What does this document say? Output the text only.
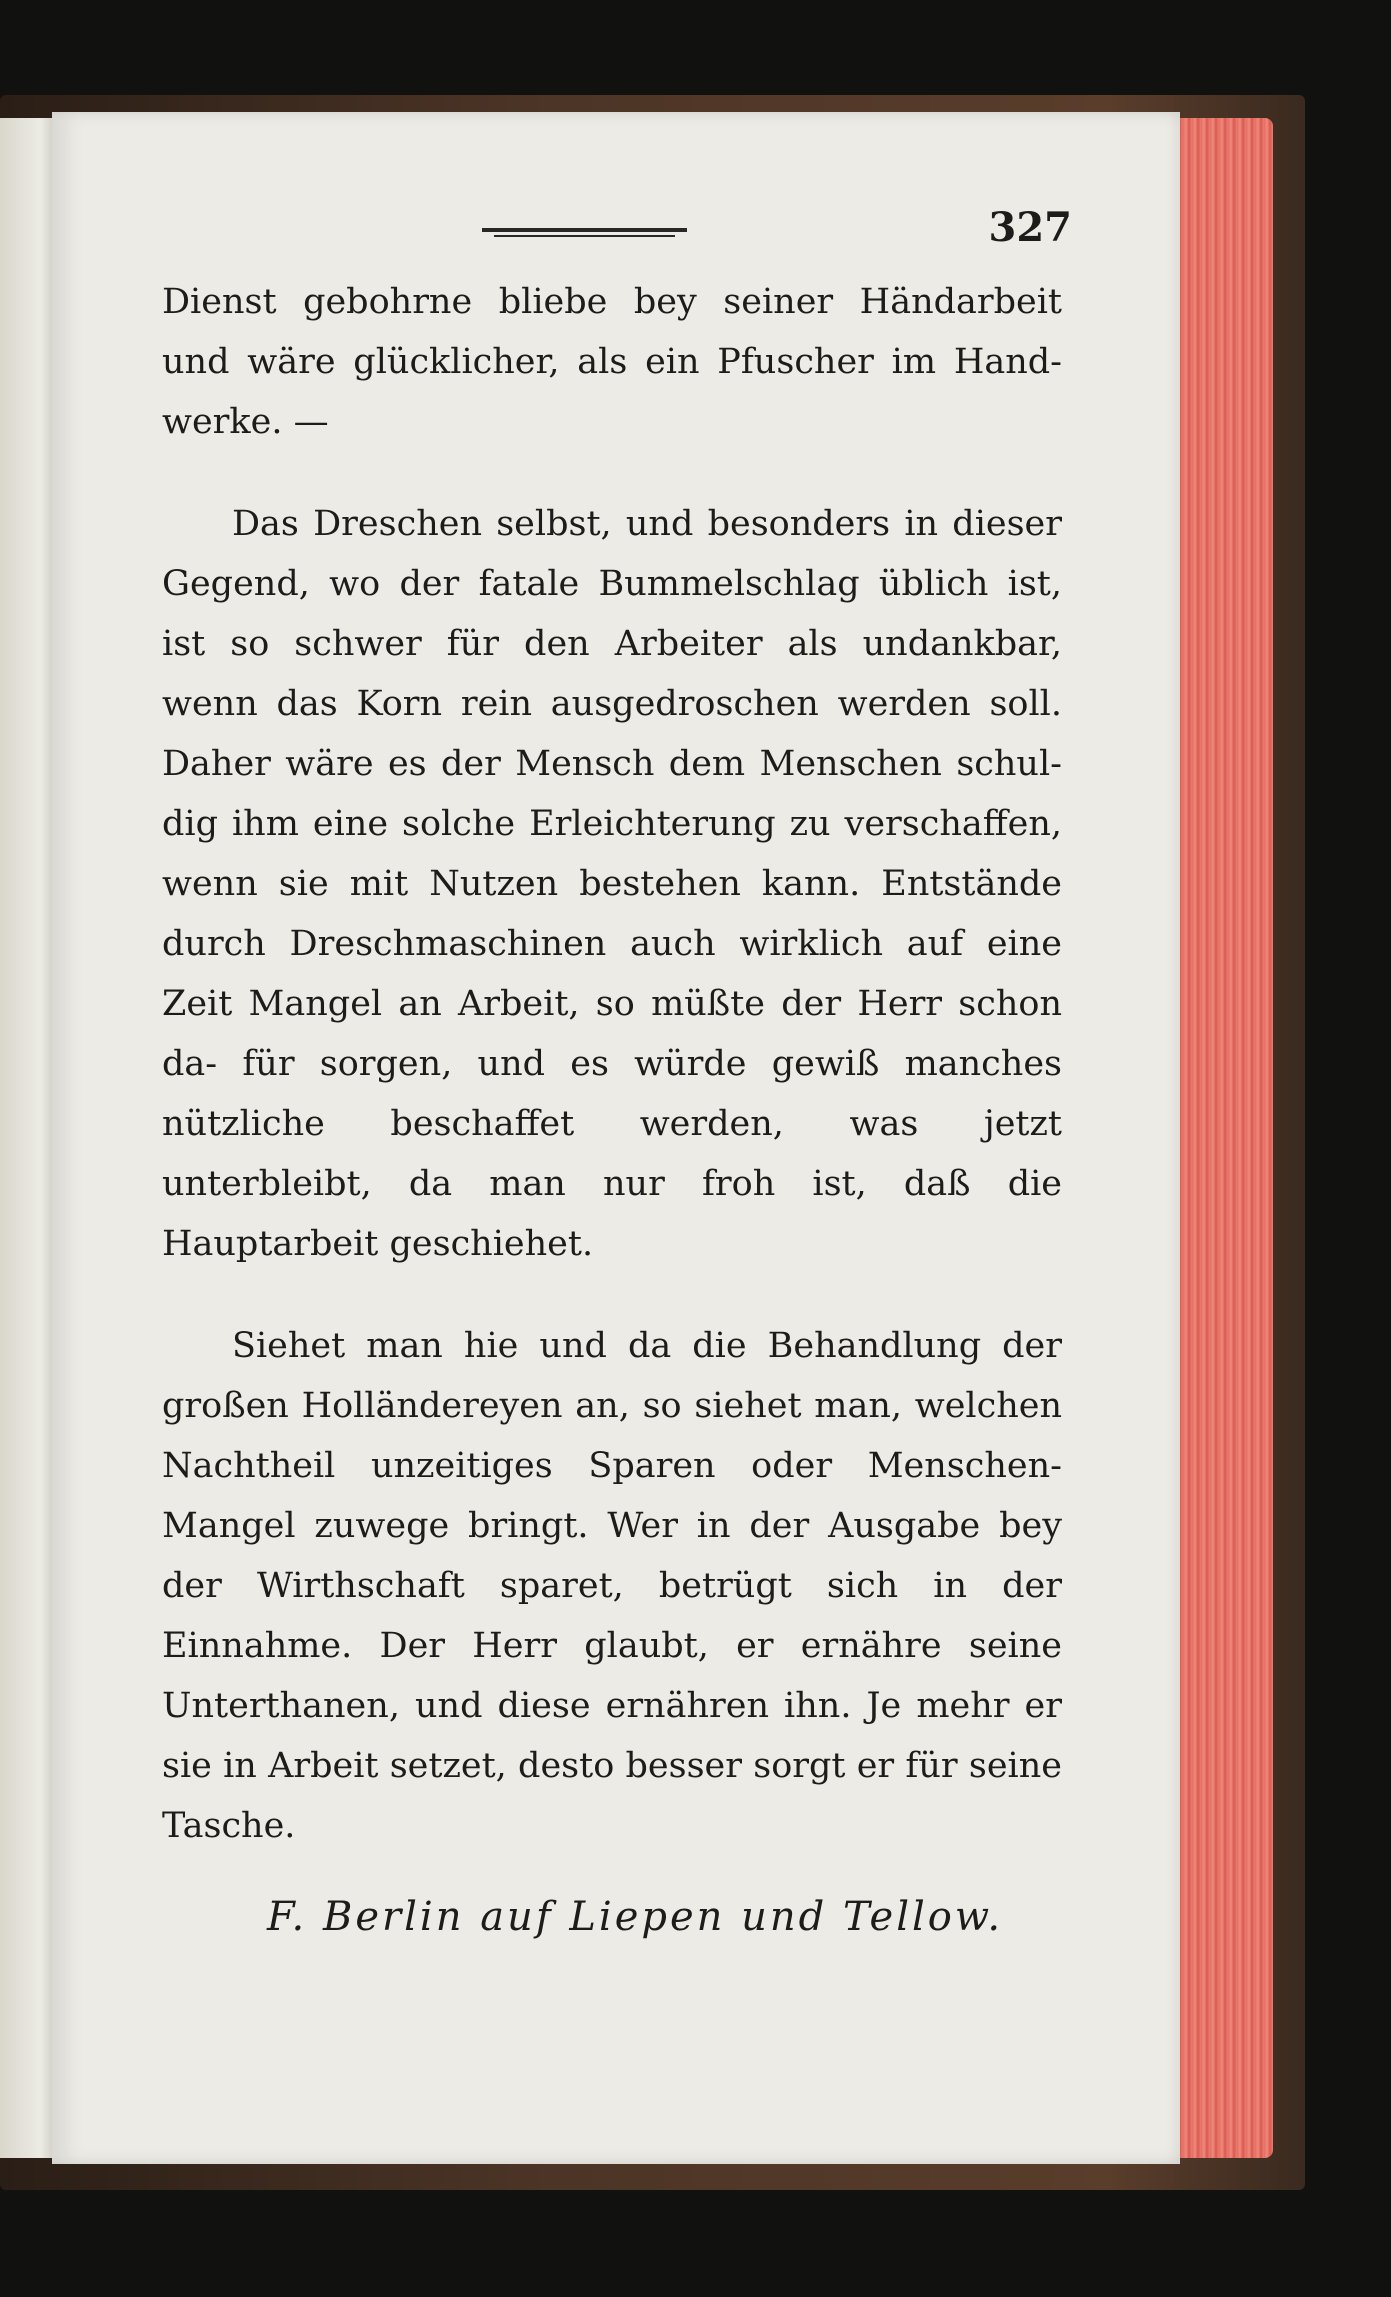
327

Dienst gebohrne bliebe bey seiner Händarbeit und wäre glücklicher, als ein Pfuscher im Hand- werke. —

Das Dreschen selbst, und besonders in dieser Gegend, wo der fatale Bummelschlag üblich ist, ist so schwer für den Arbeiter als undankbar, wenn das Korn rein ausgedroschen werden soll. Daher wäre es der Mensch dem Menschen schul- dig ihm eine solche Erleichterung zu verschaffen, wenn sie mit Nutzen bestehen kann. Entstände durch Dreschmaschinen auch wirklich auf eine Zeit Mangel an Arbeit, so müßte der Herr schon da- für sorgen, und es würde gewiß manches nützliche beschaffet werden, was jetzt unterbleibt, da man nur froh ist, daß die Hauptarbeit geschiehet.

Siehet man hie und da die Behandlung der großen Holländereyen an, so siehet man, welchen Nachtheil unzeitiges Sparen oder Menschen- Mangel zuwege bringt. Wer in der Ausgabe bey der Wirthschaft sparet, betrügt sich in der Einnahme. Der Herr glaubt, er ernähre seine Unterthanen, und diese ernähren ihn. Je mehr er sie in Arbeit setzet, desto besser sorgt er für seine Tasche.

F. Berlin auf Liepen und Tellow.
